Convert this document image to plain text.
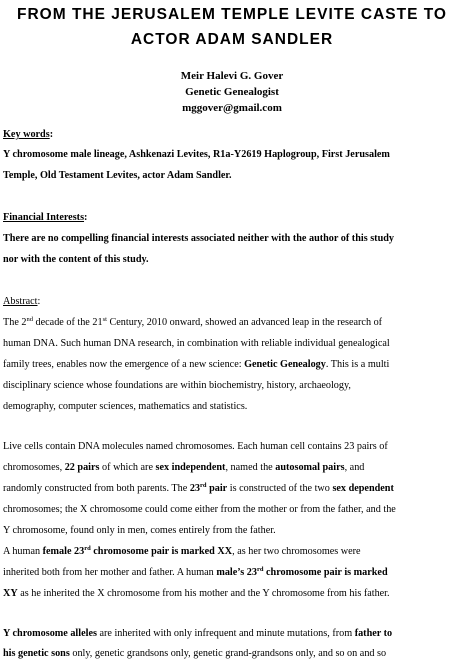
FROM THE JERUSALEM TEMPLE LEVITE CASTE TO
ACTOR ADAM SANDLER
Meir Halevi G. Gover
Genetic Genealogist
mggover@gmail.com
Key words:
Y chromosome male lineage, Ashkenazi Levites, R1a-Y2619 Haplogroup, First Jerusalem
Temple, Old Testament Levites, actor Adam Sandler.
Financial Interests:
There are no compelling financial interests associated neither with the author of this study
nor with the content of this study.
Abstract:
The 2nd decade of the 21st Century, 2010 onward, showed an advanced leap in the research of
human DNA. Such human DNA research, in combination with reliable individual genealogical
family trees, enables now the emergence of a new science: Genetic Genealogy. This is a multi
disciplinary science whose foundations are within biochemistry, history, archaeology,
demography, computer sciences, mathematics and statistics.
Live cells contain DNA molecules named chromosomes. Each human cell contains 23 pairs of
chromosomes, 22 pairs of which are sex independent, named the autosomal pairs, and
randomly constructed from both parents. The 23rd pair is constructed of the two sex dependent
chromosomes; the X chromosome could come either from the mother or from the father, and the
Y chromosome, found only in men, comes entirely from the father.
A human female 23rd chromosome pair is marked XX, as her two chromosomes were
inherited both from her mother and father. A human male’s 23rd chromosome pair is marked
XY as he inherited the X chromosome from his mother and the Y chromosome from his father.
Y chromosome alleles are inherited with only infrequent and minute mutations, from father to
his genetic sons only, genetic grandsons only, genetic grand-grandsons only, and so on and so
